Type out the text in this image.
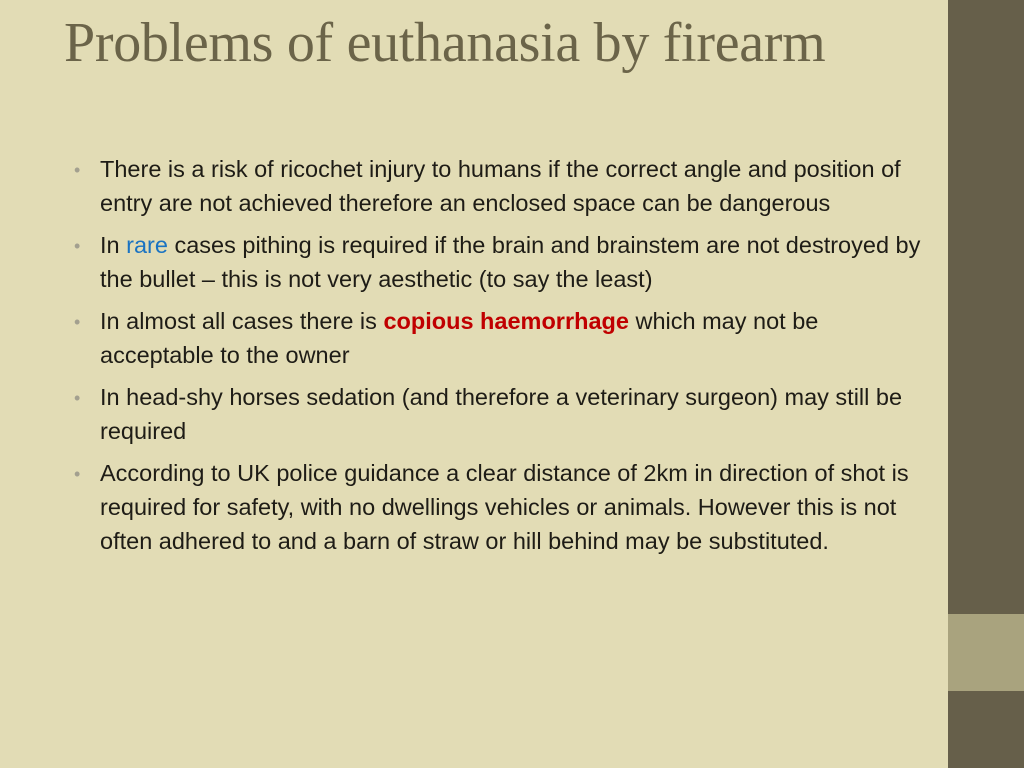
Problems of euthanasia by firearm
• There is a risk of ricochet injury to humans if the correct angle and position of entry are not achieved therefore an enclosed space can be dangerous
• In rare cases pithing is required if the brain and brainstem are not destroyed by the bullet – this is not very aesthetic (to say the least)
• In almost all cases there is copious haemorrhage which may not be acceptable to the owner
• In head-shy horses sedation (and therefore a veterinary surgeon) may still be required
• According to UK police guidance a clear distance of 2km in direction of shot is required for safety, with no dwellings vehicles or animals. However this is not often adhered to and a barn of straw or hill behind may be substituted.
